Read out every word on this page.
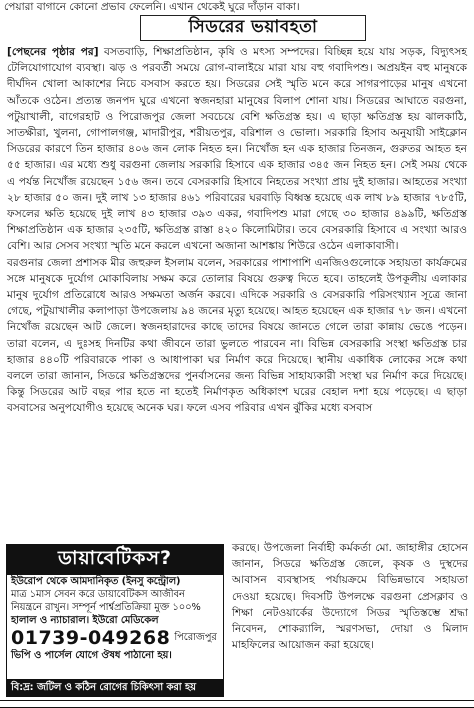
পেয়ারা বাগানে কোনো প্রভাব ফেলেনি। এখান থেকেই ঘুরে দাঁড়ান বাকা।
সিডরের ভয়াবহতা

[পেছনের পৃষ্ঠার পর] বসতবাড়ি, শিক্ষাপ্রতিষ্ঠান, কৃষি ও মৎস্য সম্পদের। বিচ্ছিন্ন হয়ে যায় সড়ক, বিদ্যুৎসহ টেলিযোগাযোগ ব্যবস্থা। ঝড় ও পরবর্তী সময়ে রোগ-বালাইয়ে মারা যায় বহু গবাদিপশু। অপ্রয়ইন বহু মানুষকে দীর্ঘদিন খোলা আকাশের নিচে বসবাস করতে হয়। সিডরের সেই স্মৃতি মনে করে সাগরপাড়ের মানুষ এখনো আঁতকে ওঠেন। প্রত্যন্ত জনপদ ঘুরে এখনো স্বজনহারা মানুষের বিলাপ শোনা যায়। সিডরের আঘাতে বরগুনা, পটুয়াখালী, বাগেরহাট ও পিরোজপুর জেলা সবচেয়ে বেশি ক্ষতিগ্রস্ত হয়। এ ছাড়া ক্ষতিগ্রস্ত হয় ঝালকাঠি, সাতক্ষীরা, খুলনা, গোপালগঞ্জ, মাদারীপুর, শরীয়তপুর, বরিশাল ও ভোলা। সরকারি হিসাব অনুযায়ী সাইক্লোন সিডরের কারণে তিন হাজার ৪০৬ জন লোক নিহত হন। নিখোঁজ হন এক হাজার তিনজন, গুরুতর আহত হন ৫৫ হাজার। এর মধ্যে শুধু বরগুনা জেলায় সরকারি হিসাবে এক হাজার ৩৪৫ জন নিহত হন। সেই সময় থেকে এ পর্যন্ত নিখোঁজ রয়েছেন ১৫৬ জন। তবে বেসরকারি হিসাবে নিহতের সংখ্যা প্রায় দুই হাজার। আহতের সংখ্যা ২৮ হাজার ৫০ জন। দুই লাখ ১৩ হাজার ৪৬১ পরিবারের ঘরবাড়ি বিধ্বস্ত হয়েছে এক লাখ ৮৯ হাজার ৭৮৫টি, ফসলের ক্ষতি হয়েছে দুই লাখ ৪৩ হাজার ৩৯৩ একর, গবাদিপশু মারা গেছে ৩০ হাজার ৪৯৯টি, ক্ষতিগ্রস্ত শিক্ষাপ্রতিষ্ঠান এক হাজার ২৩৫টি, ক্ষতিগ্রস্ত রাস্তা ৪২০ কিলোমিটার। তবে বেসরকারি হিসাবে এ সংখ্যা আরও বেশি। আর সেসব সংখ্যা স্মৃতি মনে করলে এখনো অজানা আশঙ্কায় শিউরে ওঠেন এলাকাবাসী।

বরগুনার জেলা প্রশাসক মীর জহুরুল ইসলাম বলেন, সরকারের পাশাপাশি এনজিওগুলোকে সহায়তা কার্যক্রমের সঙ্গে মানুষকে দুর্যোগ মোকাবিলায় সক্ষম করে তোলার বিষয়ে গুরুত্ব দিতে হবে। তাহলেই উপকূলীয় এলাকার মানুষ দুর্যোগ প্রতিরোধে আরও সক্ষমতা অর্জন করবে। এদিকে সরকারি ও বেসরকারি পরিসংখ্যান সূত্রে জানা গেছে, পটুয়াখালীর কলাপাড়া উপজেলায় ৯৪ জনের মৃত্যু হয়েছে। আহত হয়েছেন এক হাজার ৭৮ জন। এখনো নিখোঁজ রয়েছেন আট জেলে। স্বজনহারাদের কাছে তাদের বিষয়ে জানতে গেলে তারা কান্নায় ভেঙে পড়েন। তারা বলেন, এ দুঃসহ দিনটির কথা জীবনে তারা ভুলতে পারবেন না। বিভিন্ন বেসরকারি সংস্থা ক্ষতিগ্রস্ত চার হাজার ৪৪০টি পরিবারকে পাকা ও আধাপাকা ঘর নির্মাণ করে দিয়েছে। স্থানীয় একাধিক লোকের সঙ্গে কথা বললে তারা জানান, সিডরে ক্ষতিগ্রস্তদের পুনর্বাসনের জন্য বিভিন্ন সাহায্যকারী সংস্থা ঘর নির্মাণ করে দিয়েছে। কিন্তু সিডরের আট বছর পার হতে না হতেই নির্মাণকৃত অধিকাংশ ঘরের বেহাল দশা হয়ে পড়েছে। এ ছাড়া বসবাসের অনুপযোগীও হয়েছে অনেক ঘর। ফলে এসব পরিবার এখন ঝুঁকির মধ্যে বসবাস

ডায়াবেটিকস?
ইউরোপ থেকে আমদানিকৃত (ইনসু কন্ট্রোল)
মাত্র ১মাস সেবন করে ডায়াবেটিকস আজীবন
নিয়ন্ত্রনে রাখুন। সম্পূর্ন পার্শ্বপ্রতিক্রিয়া মুক্ত ১০০%
হালাল ও ন্যাচারাল। ইউরো মেডিকেল
01739-049268 পিরোজপুর
ভিপি ও পার্সেল যোগে ঔষধ পাঠানো হয়।
বি:দ্র: জটিল ও কঠিন রোগের চিকিৎসা করা হয়

করছে। উপজেলা নির্বাহী কর্মকর্তা মো. জাহাঙ্গীর হোসেন জানান, সিডরে ক্ষতিগ্রস্ত জেলে, কৃষক ও দুস্থদের আবাসন ব্যবস্থাসহ পর্যায়ক্রমে বিভিন্নভাবে সহায়তা দেওয়া হয়েছে। দিবসটি উপলক্ষে বরগুনা প্রেসক্লাব ও শিক্ষা নেটওয়ার্কের উদ্যোগে সিডর স্মৃতিস্তম্ভে শ্রদ্ধা নিবেদন, শোকর‍্যালি, স্মরণসভা, দোয়া ও মিলাদ মাহফিলের আয়োজন করা হয়েছে।
